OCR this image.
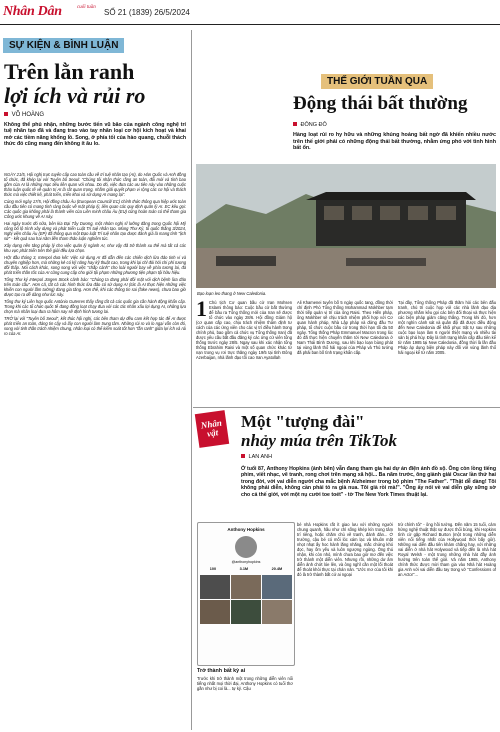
Nhân Dân	cuối tuần
SỐ 21 (1839) 26/5/2024
SỰ KIỆN & BÌNH LUẬN
Trên lằn ranh
lợi ích và rủi ro
VÕ HOÀNG
Không thể phủ nhận, những bước tiến vũ bão của ngành công nghệ trí tuệ nhân tạo đã và đang trao vào tay nhân loại cơ hội kích hoạt và khai mở các tiềm năng khổng lồ. Song, ở phía tối của hào quang, chuỗi thách thức đó cũng mang đến không ít âu lo.

NGÀY 21/5, Hội nghị trực tuyến cấp cao toàn cầu về trí tuệ nhân tạo (AI), do Hàn Quốc và Anh đồng tổ chức, đã khép lại với Tuyên bố Seoul: "Chúng tôi nhận thức rằng an toàn, đổi mới và tính bao gồm của AI là những mục tiêu liên quan với nhau. Do đó, việc đưa các ưu tiên này vào những cuộc thảo luận quốc tế về quản trị AI là rất quan trọng, nhằm giải quyết phạm vi rộng các cơ hội và thách thức mà việc thiết kế, phát triển, triển khai và sử dụng AI mang lại".

Cùng mới ngày 17/5, Hội đồng châu Âu (European Council/ EC) chính thức thông qua hiệp ước toàn cầu đầu tiên có mang tính ràng buộc về mặt pháp lý, liên quan các quy định quản lý AI. EC kêu gọi: Các quốc gia không phải là thành viên của Liên minh châu Âu (EU) cũng hoàn toàn có thể tham gia Công ước khung về AI này.

Hai ngày trước đó nữa, bên kia Đại Tây Dương, một nhóm nghị sĩ lưỡng đảng trong Quốc hội Mỹ công bố lộ trình xây dựng và phát triển Luật Trí tuệ nhân tạo. Mùng Thư Ký, tổ quốc thẳng 3/2024, Nghị viện châu Âu (EP) đã thông qua một Đạo luật Trí tuệ nhân tạo được đánh giá là mang tính "lịch sử" - kết quả sau hai năm liền tham thảo luận nghiêm túc.

Xây dựng nền tảng pháp lý cho việc quản lý ngành AI, như vậy đã trở thành xu thế mà tất cả các khu vực phát triển trên thế giới đều lựa chọn.

HỘI đầu tháng 3, Interpol đưa kết: Việc sử dụng AI đã dẫn đến các chiến dịch lừa đảo tinh vi và chuyên nghiệp hơn, mà những kẻ có kỹ năng hay kỹ thuật cao, trong khi lại chỉ đòi hỏi chi phí tương đối thấp. Nói cách khác, song song với việc "chắp cánh" cho loài người bay về phía tương lai, đà phát triển thần tốc của AI cũng cung cấp cho giới tội phạm những phương tiện phạm tội hữu hiệu.

Tổng Thư ký Interpol Jürgen Stock cảnh báo: "Chúng ta đang phải đối mặt với dịch bệnh lừa đảo trên toàn cầu". Hơn cả, tất cả các hình thức lừa đảo có sử dụng AI (tức là AI thực hiện những việc khiến con người lầm tưởng) đang gia tăng. Hơn thế, khi các thông tin sai (fake news), chưa bao giờ được tạo ra dễ dàng như lúc này.

Tổng thư ký Liên hợp quốc António Guterres thấy rằng tất cả các quốc gia cần hành động khẩn cấp. Trong khi các tổ chức quốc tế đang đồng loạt chạy đua với các tác nhân xấu lợi dụng AI, những lựa chọn mà nhân loại đưa ra hôm nay sẽ định hình tương lai.

TRỞ lại với "Tuyên bố Seoul", kết thúc hội nghị, các bên tham dự đều cam kết hợp tác để AI được phát triển an toàn, đáng tin cậy và lấy con người làm trung tâm. Những rủi ro và lo ngại vẫn còn đó, song với tinh thần trách nhiệm chung, nhân loại có thể kiểm soát tốt hơn "lằn ranh" giữa lợi ích và rủi ro của AI.

THẾ GIỚI TUẦN QUA
Động thái bất thường
ĐÔNG ĐÔ
Hàng loạt rủi ro hy hữu và những khủng hoảng bất ngờ đã khiến nhiều nước trên thế giới phải có những động thái bất thường, nhằm ứng phó với tình hình bất ổn.
Bạo loạn leo thang ở New Caledonia.
1 Chủ tịch Cơ quan bầu cử Iran Mohsen Eslami thông báo: Cuộc bầu cử bất thường để bầu ra Tổng thống mới của Iran sẽ được tổ chức vào ngày 28/6. Hội đồng Giám hộ (cơ quan cấp cao, chịu trách nhiệm thẩm định tư cách của các ứng viên cho các vị trí điều hành trong chính phủ, bao gồm cả chức vụ Tổng thống Iran) đã được yêu cầu bắt đầu đăng ký các ứng cử viên tổng thống trước ngày 28/5. Ngay sau khi xác nhận tổng thống Ebrahim Raisi và một số quan chức khác từ nạn trong vụ rơi trực thăng ngày 19/5 tại tỉnh Đông Azerbaijan, nhà lãnh đạo tối cao Iran Ayatollah
Ali Khamenei tuyên bố 5 ngày quốc tang, đồng thời chỉ định Phó Tổng thống Mohammad Mokhber tạm thời tiếp quản vị trí của ông Raisi. Theo Hiến pháp, ông Mokhber sẽ chịu trách nhiệm phối hợp với Cơ quan hành pháp, Nhà Lập pháp và đứng đầu Tư pháp, tổ chức cuộc bầu cử trong thời hạn tối đa 50 ngày. Tổng thống Pháp Emmanuel Macron trong lúc đó đã thực hiện chuyến thăm tới New Caledonia ở Nam Thái Bình Dương, sau khi bạo loạn bùng phát tại vùng lãnh thổ hải ngoại của Pháp và Thủ tướng đã phải ban bố tình trạng khẩn cấp.
Tại đây, Tổng thống Pháp đã thăm hỏi các bên đấu tranh, chủ trì cuộc họp với các nhà lãnh đạo địa phương nhằm kêu gọi các bên đối thoại và thực hiện các biện pháp giảm căng thẳng. Trong khi đó, hơn một nghìn cảnh sát và quân đội đã được điều động đến New Caledonia để khôi phục trật tự sau những cuộc bạo loạn làm 6 người thiệt mạng và nhiều tài sản bị phá hủy. Đây là tình trạng khẩn cấp đầu tiên kể từ năm 1985 tại New Caledonia, đồng thời là lần đầu Pháp áp dụng biện pháp này đối với vùng lãnh thổ hải ngoại kể từ năm 2005.
Nhân vật
Một "tượng đài"
nhảy múa trên TikTok
LAN ANH
Ở tuổi 87, Anthony Hopkins (ảnh bên) vẫn đang tham gia hai dự án điện ảnh đồ sộ. Ông còn lồng tiếng phim, viết nhạc, vẽ tranh, rong chơi trên mạng xã hội... Ba năm trước, ông giành giải Oscar lần thứ hai trong đời, với vai diễn người cha mắc bệnh Alzheimer trong bộ phim "The Father". "Thật dễ dàng! Tôi không phải diễn, không cần phải tỏ ra già nua. Tôi già rồi mà!". "Ông ấy nói về vai diễn gây sững sờ cho cả thế giới, với một nụ cười toe toét" - tờ The New York Times thuật lại.
Anthony Hopkins
@anthonyhopkins
100	3.1M	20.4M
Trở thành bất kỳ ai
Trước khi trở thành một trong những diễn viên nổi tiếng nhất mọi thời đại, Anthony Hopkins có tuổi thơ gần như bị coi là... tự kỷ. Cậu
bé nhà Hopkins rất ít giao lưu với những người chung quanh, hầu như chỉ sống khép kín trong tâm trí riêng, hoặc chăm chú vẽ tranh, đánh đàn... Ở trường, cậu bé có mối lóc xám lạc và khuôn mặt nhọt nhạt ấy hoc hành lăng nhăng, mắc chứng khó đọc, hay ốm yếu và luôn ngượng ngùng. Ông thú nhận, khi còn nhỏ, mình chưa bao giờ mơ đến việc trở thành một diễn viên. Nhưng rồi, những dư âm diễn ảnh chớt lóe lên, và ông nghĩ cần một lối thoát để thoát khỏi thực tại chán nản. "Ước mơ của tôi khi đó là trở thành bất cứ ai ngoại
trừ chính tôi" - ông hồi tưởng. Đến năm 15 tuổi, cảm hứng nghệ thuật thật sự được thổi bùng, khi Hopkins tình cờ gặp Richard Burton (một trong những diễn viên nổi tiếng nhất của Hollywood thời bấy giờ). Những vai diễn đầu tiên khám chẳng hay, với những vai diễn ở nhà hát Holywood và tiếp đến là nhà hát Royal Welsh - một trong những nhà hát đầy ảnh hưởng trên toàn thế giới. Và năm 1965, Anthony chính thức được mời tham gia vào Nhà hát Hoàng gia Anh với vai diễn đầu tay trong vở "Confessions of an Actor"...
